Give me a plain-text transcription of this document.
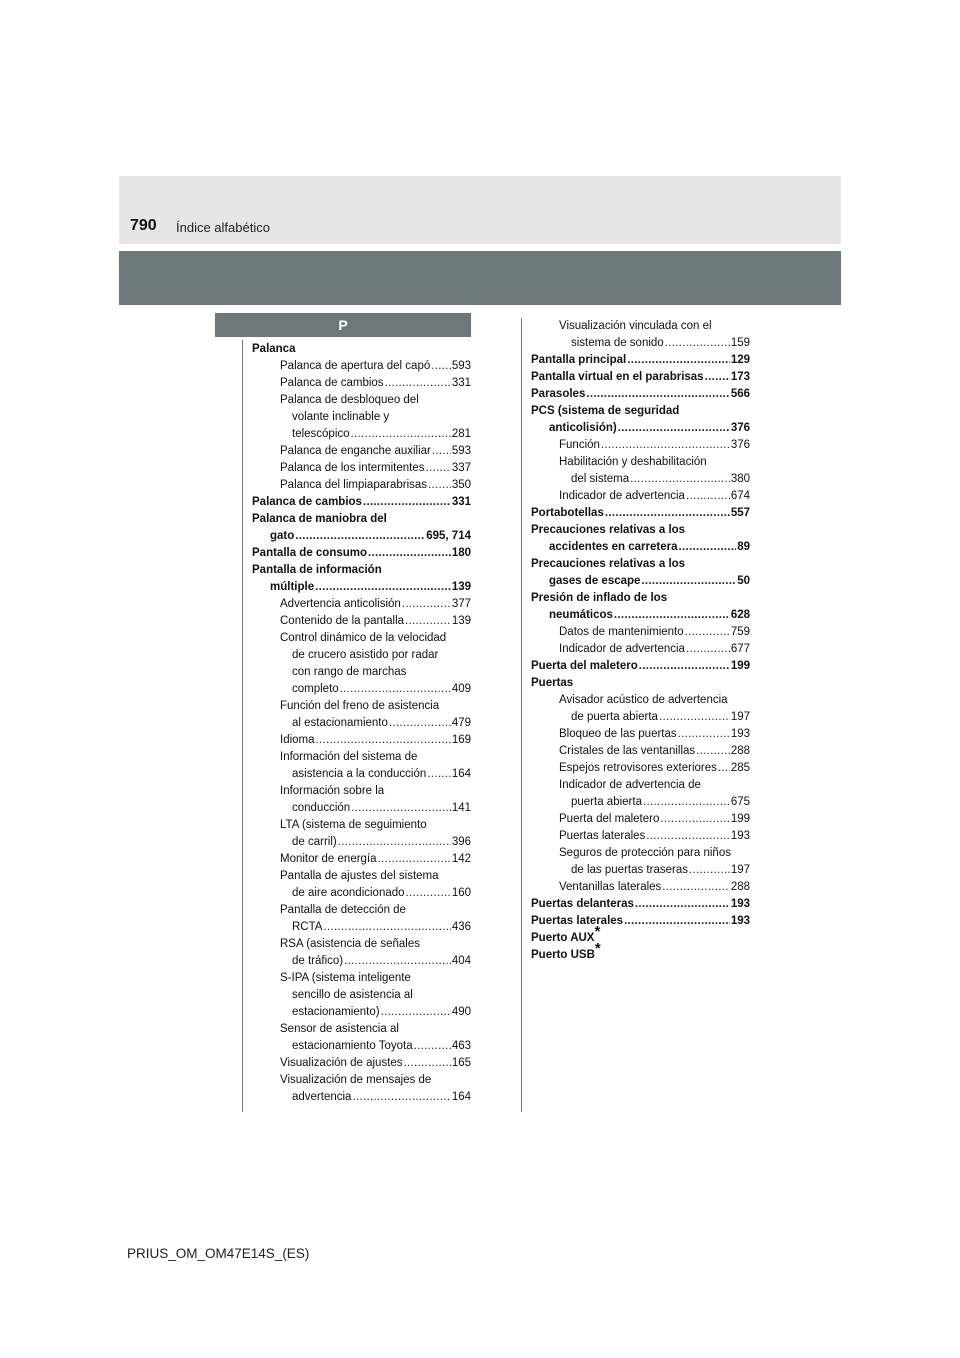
790 Índice alfabético
P
Palanca
Palanca de apertura del capó ..... 593
Palanca de cambios .....	331
Palanca de desbloqueo del
volante inclinable y
telescópico .....	281
Palanca de enganche auxiliar ..... 593
Palanca de los intermitentes ..... 337
Palanca del limpiaparabrisas ..... 350
Palanca de cambios .....	331
Palanca de maniobra del
gato .....	695, 714
Pantalla de consumo .....	180
Pantalla de información
múltiple .....	139
Advertencia anticolisión .....	377
Contenido de la pantalla .....	139
Control dinámico de la velocidad
de crucero asistido por radar
con rango de marchas
completo .....	409
Función del freno de asistencia
al estacionamiento .....	479
Idioma .....	169
Información del sistema de
asistencia a la conducción ..... 164
Información sobre la
conducción .....	141
LTA (sistema de seguimiento
de carril) .....	396
Monitor de energía .....	142
Pantalla de ajustes del sistema
de aire acondicionado .....	160
Pantalla de detección de
RCTA .....	436
RSA (asistencia de señales
de tráfico) .....	404
S-IPA (sistema inteligente
sencillo de asistencia al
estacionamiento) .....	490
Sensor de asistencia al
estacionamiento Toyota .....	463
Visualización de ajustes .....	165
Visualización de mensajes de
advertencia .....	164
Visualización vinculada con el
sistema de sonido .....	159
Pantalla principal .....	129
Pantalla virtual en el parabrisas ..... 173
Parasoles .....	566
PCS (sistema de seguridad
anticolisión) .....	376
Función .....	376
Habilitación y deshabilitación
del sistema .....	380
Indicador de advertencia .....	674
Portabotellas .....	557
Precauciones relativas a los
accidentes en carretera .....	89
Precauciones relativas a los
gases de escape .....	50
Presión de inflado de los
neumáticos .....	628
Datos de mantenimiento .....	759
Indicador de advertencia .....	677
Puerta del maletero .....	199
Puertas
Avisador acústico de advertencia
de puerta abierta .....	197
Bloqueo de las puertas .....	193
Cristales de las ventanillas .....	288
Espejos retrovisores exteriores ..... 285
Indicador de advertencia de
puerta abierta .....	675
Puerta del maletero .....	199
Puertas laterales .....	193
Seguros de protección para niños
de las puertas traseras .....	197
Ventanillas laterales .....	288
Puertas delanteras .....	193
Puertas laterales .....	193
Puerto AUX*
Puerto USB*
PRIUS_OM_OM47E14S_(ES)
